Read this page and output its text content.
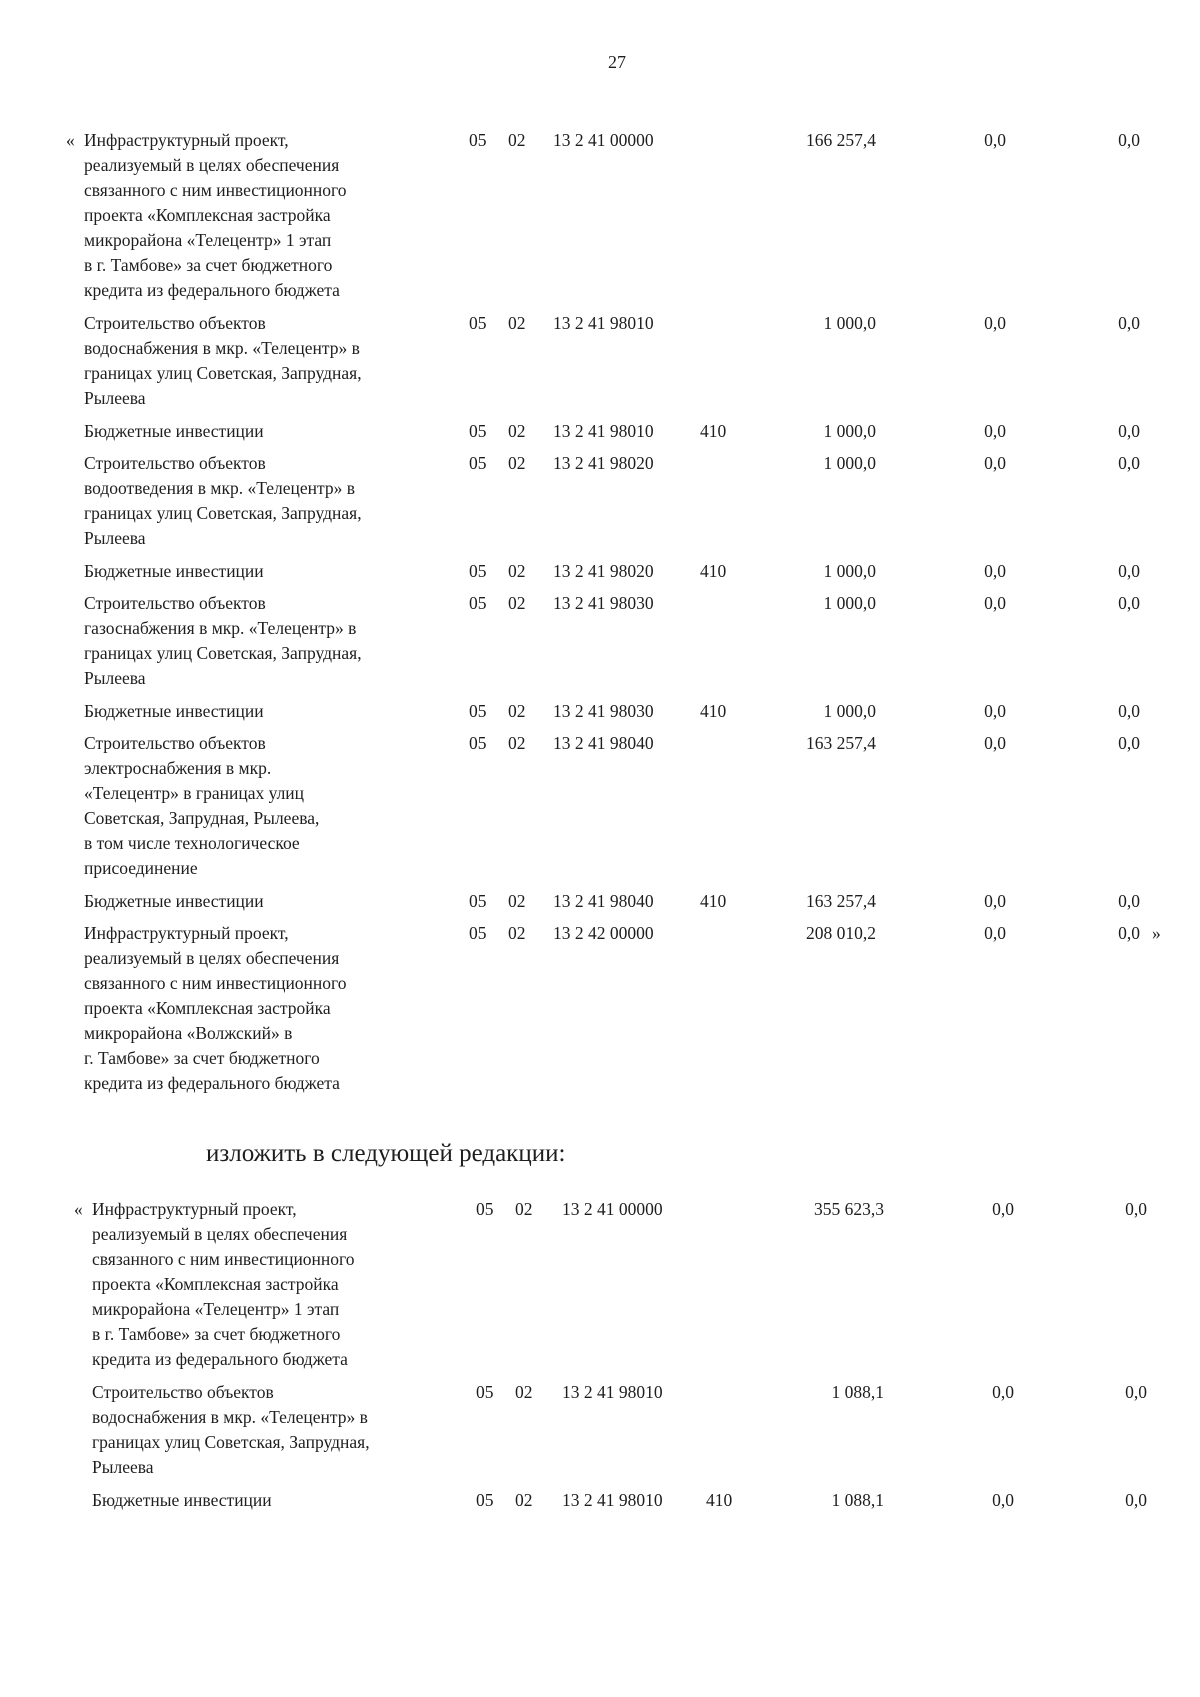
27
« Инфраструктурный проект,
реализуемый в целях обеспечения
связанного с ним инвестиционного
проекта «Комплексная застройка
микрорайона «Телецентр» 1 этап
в г. Тамбове» за счет бюджетного
кредита из федерального бюджета
05 02 13 2 41 00000	166 257,4	0,0	0,0
Строительство объектов
водоснабжения в мкр. «Телецентр» в
границах улиц Советская, Запрудная,
Рылеева
05 02 13 2 41 98010	1 000,0	0,0	0,0
Бюджетные инвестиции	05 02 13 2 41 98010	410	1 000,0	0,0	0,0
Строительство объектов
водоотведения в мкр. «Телецентр» в
границах улиц Советская, Запрудная,
Рылеева
05 02 13 2 41 98020	1 000,0	0,0	0,0
Бюджетные инвестиции	05 02 13 2 41 98020	410	1 000,0	0,0	0,0
Строительство объектов
газоснабжения в мкр. «Телецентр» в
границах улиц Советская, Запрудная,
Рылеева
05 02 13 2 41 98030	1 000,0	0,0	0,0
Бюджетные инвестиции	05 02 13 2 41 98030	410	1 000,0	0,0	0,0
Строительство объектов
электроснабжения в мкр.
«Телецентр» в границах улиц
Советская, Запрудная, Рылеева,
в том числе технологическое
присоединение
05 02 13 2 41 98040	163 257,4	0,0	0,0
Бюджетные инвестиции	05 02 13 2 41 98040	410	163 257,4	0,0	0,0
Инфраструктурный проект,
реализуемый в целях обеспечения
связанного с ним инвестиционного
проекта «Комплексная застройка
микрорайона «Волжский» в
г. Тамбове» за счет бюджетного
кредита из федерального бюджета
05 02 13 2 42 00000	208 010,2	0,0	0,0 »
изложить в следующей редакции:
« Инфраструктурный проект,
реализуемый в целях обеспечения
связанного с ним инвестиционного
проекта «Комплексная застройка
микрорайона «Телецентр» 1 этап
в г. Тамбове» за счет бюджетного
кредита из федерального бюджета
05 02 13 2 41 00000	355 623,3	0,0	0,0
Строительство объектов
водоснабжения в мкр. «Телецентр» в
границах улиц Советская, Запрудная,
Рылеева
05 02 13 2 41 98010	1 088,1	0,0	0,0
Бюджетные инвестиции	05 02 13 2 41 98010 410	1 088,1	0,0	0,0
